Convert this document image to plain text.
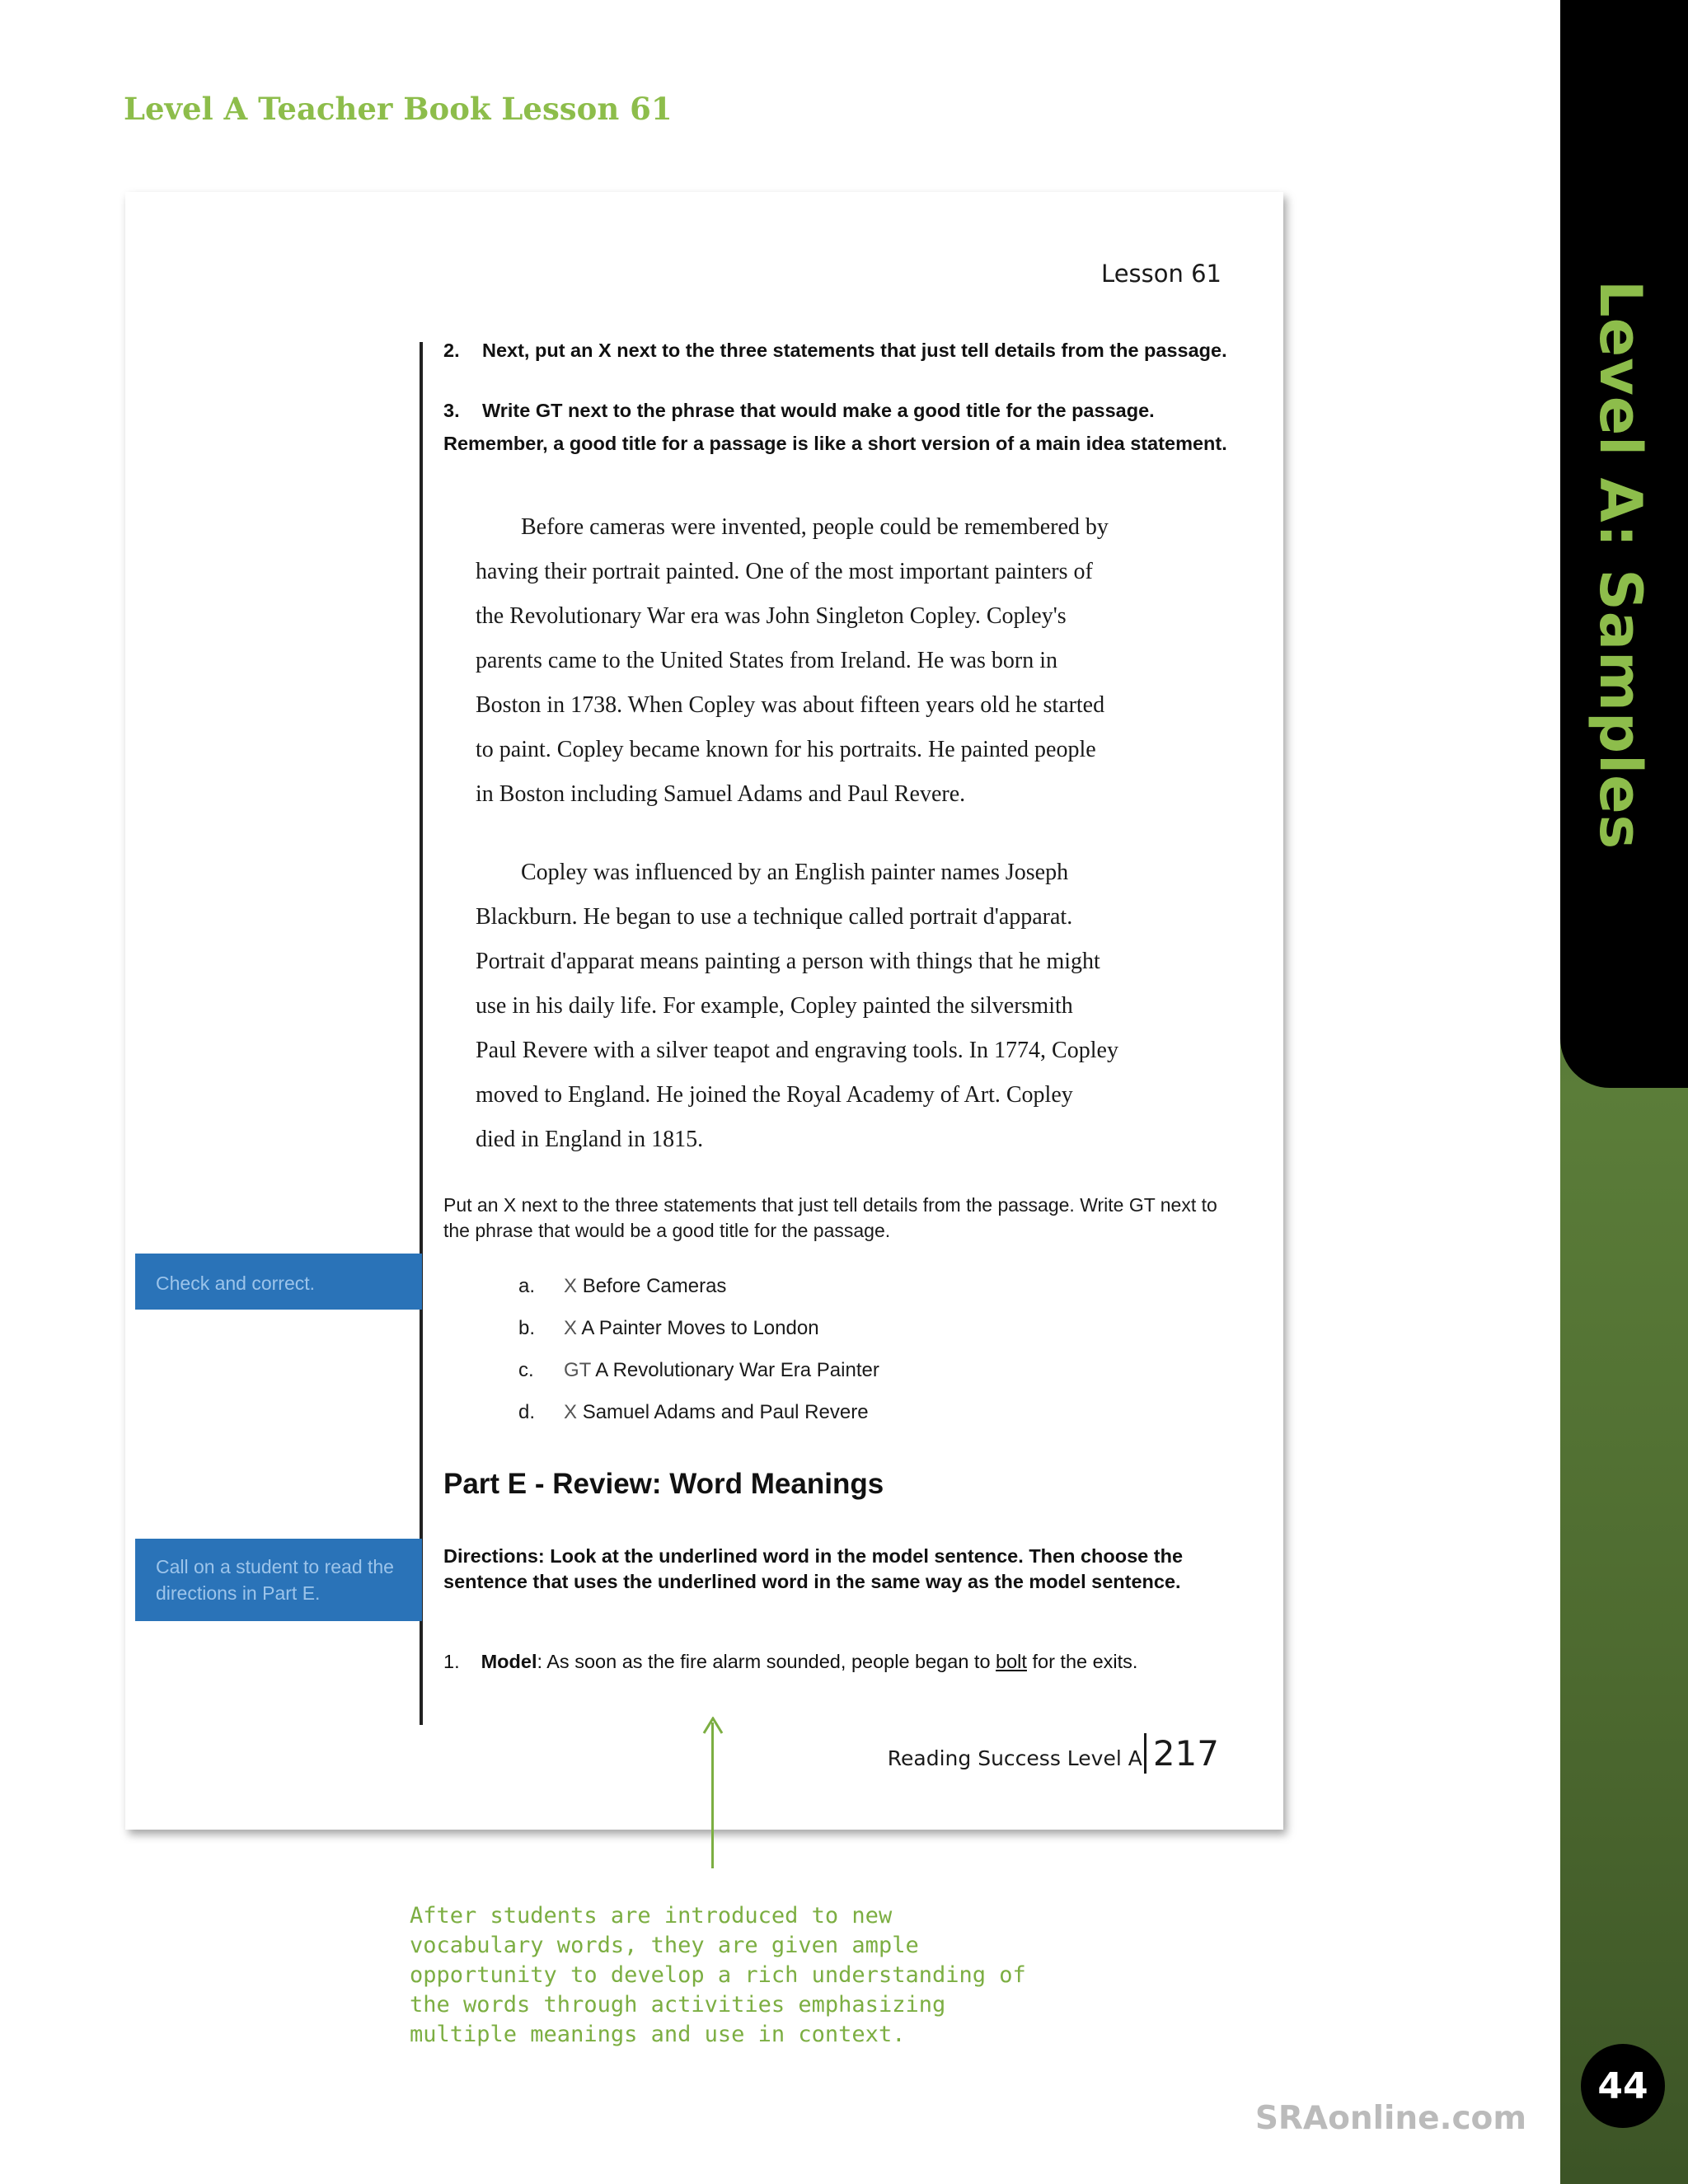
Level A: Samples
44
Level A Teacher Book Lesson 61
Lesson 61
2.	Next, put an X next to the three statements that just tell details from the passage.
3.	Write GT next to the phrase that would make a good title for the passage.
Remember, a good title for a passage is like a short version of a main idea statement.
Before cameras were invented, people could be remembered by
having their portrait painted. One of the most important painters of
the Revolutionary War era was John Singleton Copley. Copley's
parents came to the United States from Ireland. He was born in
Boston in 1738. When Copley was about fifteen years old he started
to paint. Copley became known for his portraits. He painted people
in Boston including Samuel Adams and Paul Revere.
Copley was influenced by an English painter names Joseph
Blackburn. He began to use a technique called portrait d'apparat.
Portrait d'apparat means painting a person with things that he might
use in his daily life. For example, Copley painted the silversmith
Paul Revere with a silver teapot and engraving tools. In 1774, Copley
moved to England. He joined the Royal Academy of Art. Copley
died in England in 1815.
Put an X next to the three statements that just tell details from the passage. Write GT next to the phrase that would be a good title for the passage.
a. X Before Cameras
b. X A Painter Moves to London
c. GT A Revolutionary War Era Painter
d. X Samuel Adams and Paul Revere
Part E - Review: Word Meanings
Directions: Look at the underlined word in the model sentence. Then choose the sentence that uses the underlined word in the same way as the model sentence.
1. Model: As soon as the fire alarm sounded, people began to bolt for the exits.
Reading Success Level A 217
Check and correct.
Call on a student to read the directions in Part E.
After students are introduced to new vocabulary words, they are given ample opportunity to develop a rich understanding of the words through activities emphasizing multiple meanings and use in context.
SRAonline.com
